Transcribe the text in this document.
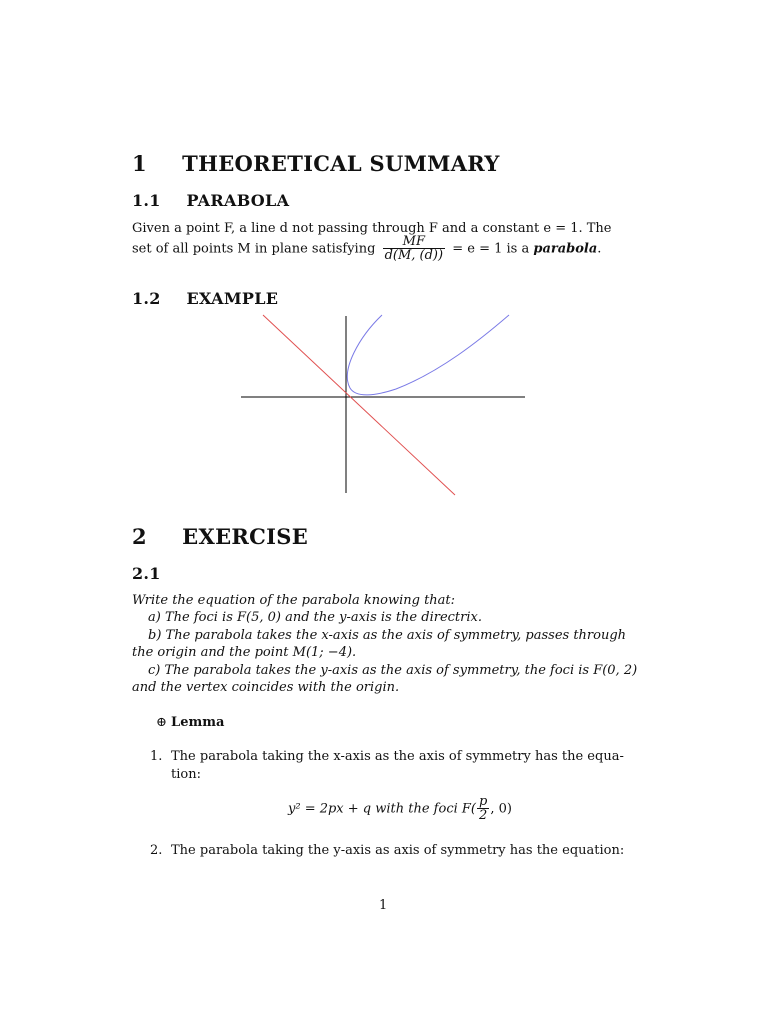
1 THEORETICAL SUMMARY
1.1 PARABOLA
Given a point F, a line d not passing through F and a constant e = 1. The
set of all points M in plane satisfying $\frac{MF}{d(M, (d))} = e = 1$ is a parabola.
1.2 EXAMPLE
2 EXERCISE
2.1
Write the equation of the parabola knowing that:
a) The foci is F(5, 0) and the y-axis is the directrix.
b) The parabola takes the x-axis as the axis of symmetry, passes through
the origin and the point M(1; −4).
c) The parabola takes the y-axis as the axis of symmetry, the foci is F(0, 2)
and the vertex coincides with the origin.
⊕ Lemma
1. The parabola taking the x-axis as the axis of symmetry has the equa-
tion:
y² = 2px + q with the foci $F( \frac{p}{2}$ , 0)
2. The parabola taking the y-axis as axis of symmetry has the equation:
1
